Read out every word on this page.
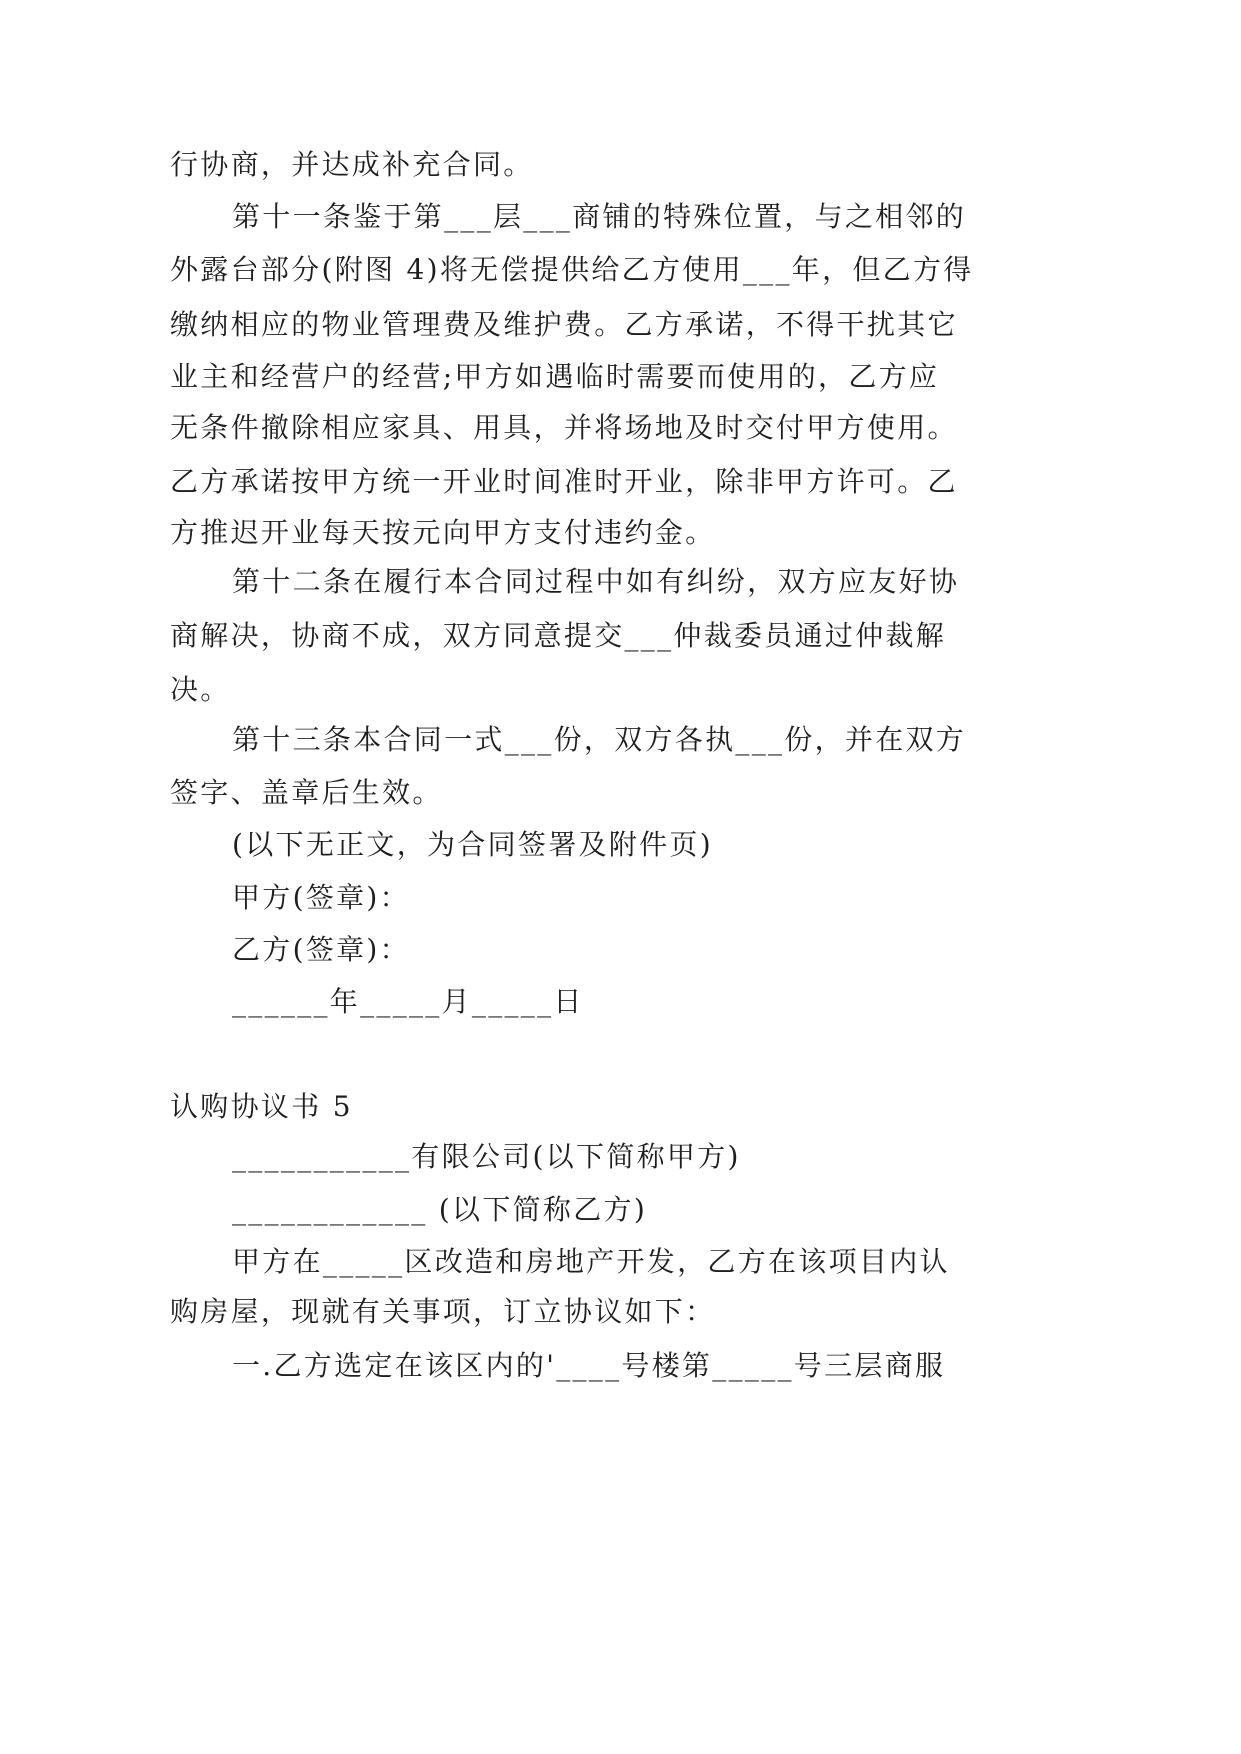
行协商，并达成补充合同。
第十一条鉴于第___层___商铺的特殊位置，与之相邻的
外露台部分(附图 4)将无偿提供给乙方使用___年，但乙方得
缴纳相应的物业管理费及维护费。乙方承诺，不得干扰其它
业主和经营户的经营;甲方如遇临时需要而使用的，乙方应
无条件撤除相应家具、用具，并将场地及时交付甲方使用。
乙方承诺按甲方统一开业时间准时开业，除非甲方许可。乙
方推迟开业每天按元向甲方支付违约金。
第十二条在履行本合同过程中如有纠纷，双方应友好协
商解决，协商不成，双方同意提交___仲裁委员通过仲裁解
决。
第十三条本合同一式___份，双方各执___份，并在双方
签字、盖章后生效。
(以下无正文，为合同签署及附件页)
甲方(签章)：
乙方(签章)：
______年_____月_____日
认购协议书 5
___________有限公司(以下简称甲方)
____________ (以下简称乙方)
甲方在_____区改造和房地产开发，乙方在该项目内认
购房屋，现就有关事项，订立协议如下：
一.乙方选定在该区内的'____号楼第_____号三层商服
